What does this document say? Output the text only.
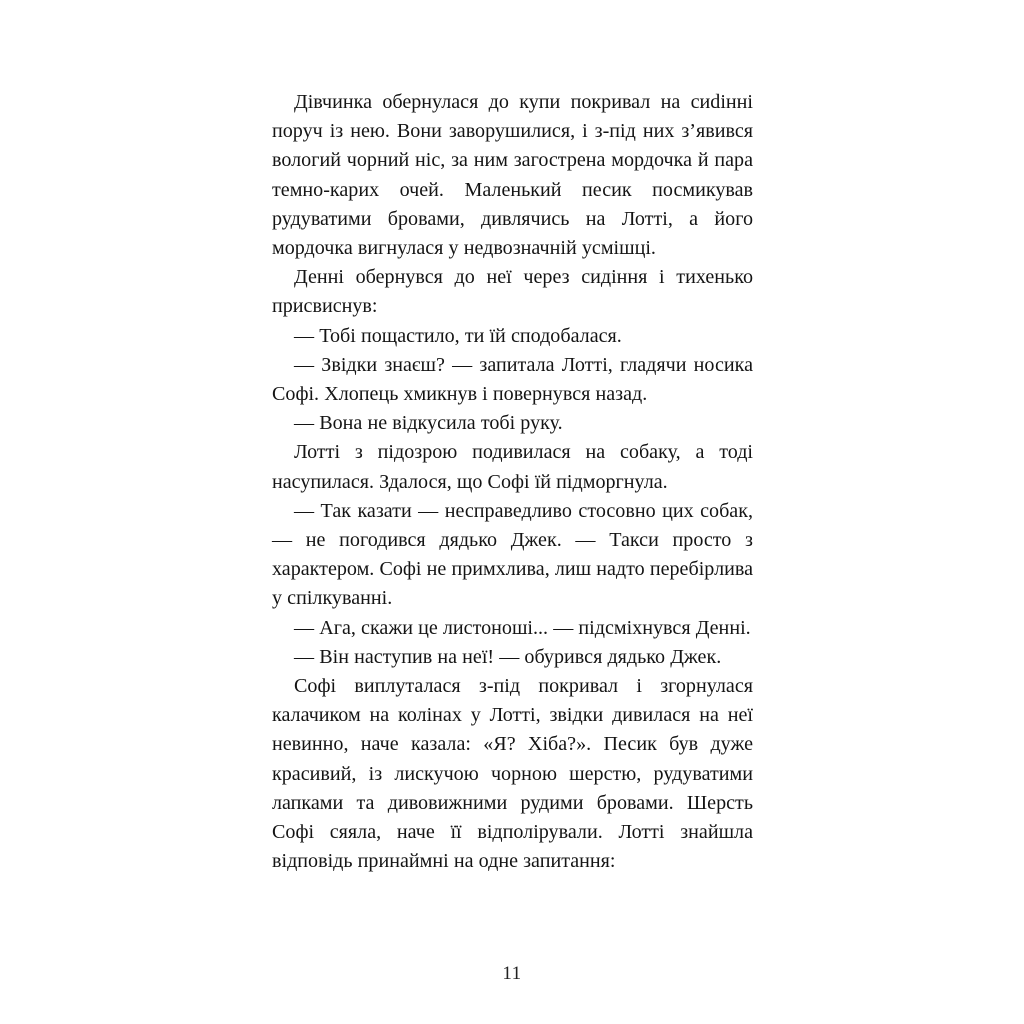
Дівчинка обернулася до купи покривал на сиdінні поруч із нею. Вони заворушилися, і з-під них з’явився вологий чорний ніс, за ним загострена мордочка й пара темно-карих очей. Маленький песик посмикував рудуватими бровами, дивлячись на Лотті, а його мордочка вигнулася у недвозначній усмішці.

Денні обернувся до неї через сидіння і тихенько присвиснув:

— Тобі пощастило, ти їй сподобалася.

— Звідки знаєш? — запитала Лотті, гладячи носика Софі. Хлопець хмикнув і повернувся назад.

— Вона не відкусила тобі руку.

Лотті з підозрою подивилася на собаку, а тоді насупилася. Здалося, що Софі їй підморгнула.

— Так казати — несправедливо стосовно цих собак, — не погодився дядько Джек. — Такси просто з характером. Софі не примхлива, лиш надто перебірлива у спілкуванні.

— Ага, скажи це листоноші... — підсміхнувся Денні.

— Він наступив на неї! — обурився дядько Джек.

Софі виплуталася з-під покривал і згорнулася калачиком на колінах у Лотті, звідки дивилася на неї невинно, наче казала: «Я? Хіба?». Песик був дуже красивий, із лискучою чорною шерстю, рудуватими лапками та дивовижними рудими бровами. Шерсть Софі сяяла, наче її відполірували. Лотті знайшла відповідь принаймні на одне запитання:

11
